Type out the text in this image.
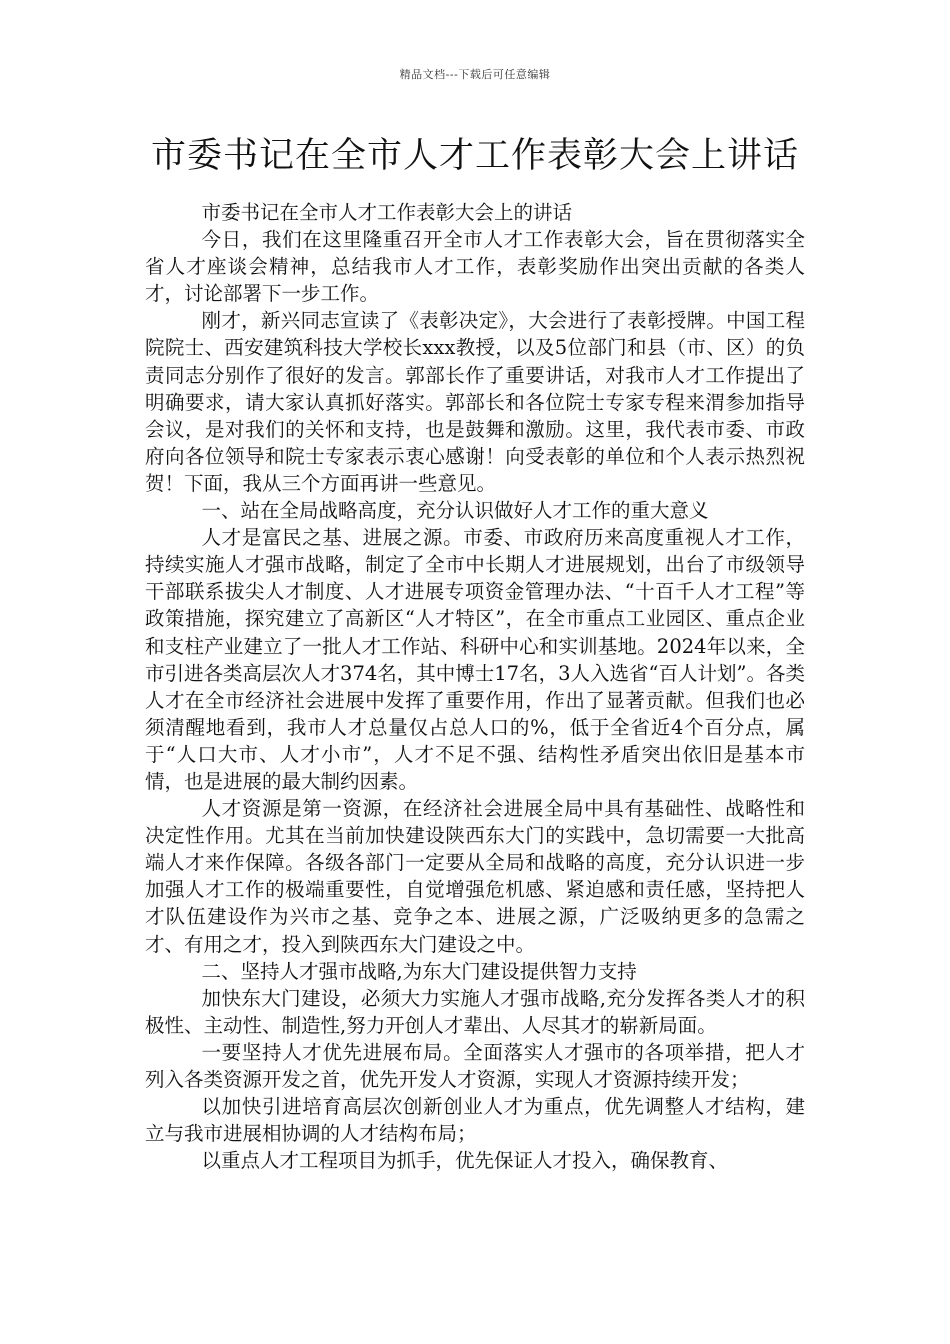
精品文档---下载后可任意编辑
市委书记在全市人才工作表彰大会上讲话

市委书记在全市人才工作表彰大会上的讲话

今日，我们在这里隆重召开全市人才工作表彰大会，旨在贯彻落实全省人才座谈会精神，总结我市人才工作，表彰奖励作出突出贡献的各类人才，讨论部署下一步工作。

刚才，新兴同志宣读了《表彰决定》，大会进行了表彰授牌。中国工程院院士、西安建筑科技大学校长xxx教授，以及5位部门和县（市、区）的负责同志分别作了很好的发言。郭部长作了重要讲话，对我市人才工作提出了明确要求，请大家认真抓好落实。郭部长和各位院士专家专程来渭参加指导会议，是对我们的关怀和支持，也是鼓舞和激励。这里，我代表市委、市政府向各位领导和院士专家表示衷心感谢！向受表彰的单位和个人表示热烈祝贺！下面，我从三个方面再讲一些意见。

一、站在全局战略高度，充分认识做好人才工作的重大意义

人才是富民之基、进展之源。市委、市政府历来高度重视人才工作，持续实施人才强市战略，制定了全市中长期人才进展规划，出台了市级领导干部联系拔尖人才制度、人才进展专项资金管理办法、“十百千人才工程”等政策措施，探究建立了高新区“人才特区”，在全市重点工业园区、重点企业和支柱产业建立了一批人才工作站、科研中心和实训基地。2024年以来，全市引进各类高层次人才374名，其中博士17名，3人入选省“百人计划”。各类人才在全市经济社会进展中发挥了重要作用，作出了显著贡献。但我们也必须清醒地看到，我市人才总量仅占总人口的%，低于全省近4个百分点，属于“人口大市、人才小市”，人才不足不强、结构性矛盾突出依旧是基本市情，也是进展的最大制约因素。

人才资源是第一资源，在经济社会进展全局中具有基础性、战略性和决定性作用。尤其在当前加快建设陕西东大门的实践中，急切需要一大批高端人才来作保障。各级各部门一定要从全局和战略的高度，充分认识进一步加强人才工作的极端重要性，自觉增强危机感、紧迫感和责任感，坚持把人才队伍建设作为兴市之基、竞争之本、进展之源，广泛吸纳更多的急需之才、有用之才，投入到陕西东大门建设之中。

二、坚持人才强市战略,为东大门建设提供智力支持

加快东大门建设，必须大力实施人才强市战略,充分发挥各类人才的积极性、主动性、制造性,努力开创人才辈出、人尽其才的崭新局面。

一要坚持人才优先进展布局。全面落实人才强市的各项举措，把人才列入各类资源开发之首，优先开发人才资源，实现人才资源持续开发；

以加快引进培育高层次创新创业人才为重点，优先调整人才结构，建立与我市进展相协调的人才结构布局；

以重点人才工程项目为抓手，优先保证人才投入，确保教育、
